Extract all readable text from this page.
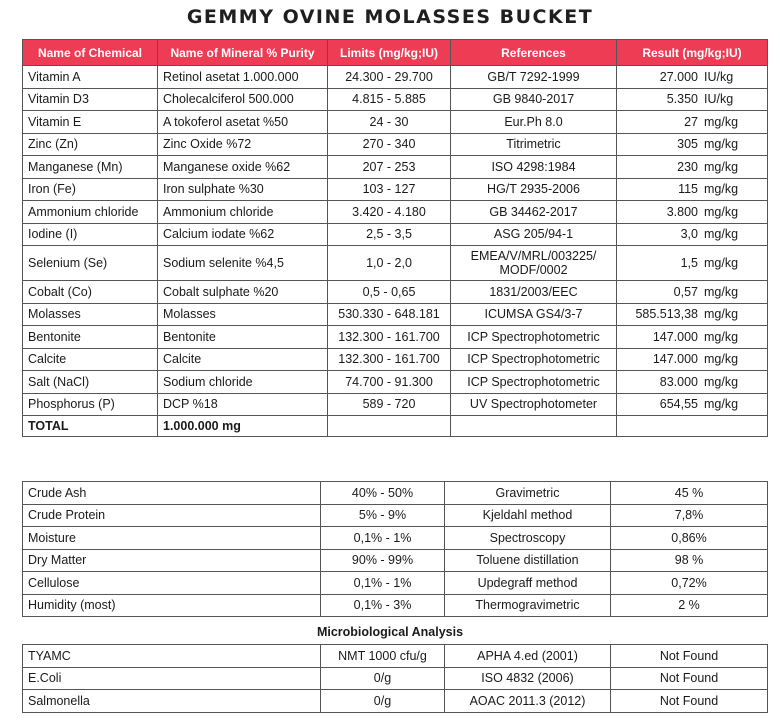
GEMMY OVINE MOLASSES BUCKET
Name of Chemical	Name of Mineral % Purity	Limits (mg/kg;IU)	References	Result (mg/kg;IU)
Vitamin A	Retinol asetat 1.000.000	24.300 - 29.700	GB/T 7292-1999	27.000 IU/kg

Vitamin D3	Cholecalciferol 500.000	4.815 - 5.885	GB 9840-2017	5.350 IU/kg

Vitamin E	A tokoferol asetat %50	24 - 30	Eur.Ph 8.0	27 mg/kg

Zinc (Zn)	Zinc Oxide %72	270 - 340	Titrimetric	305 mg/kg

Manganese (Mn)	Manganese oxide %62	207 - 253	ISO 4298:1984	230 mg/kg

Iron (Fe)	Iron sulphate %30	103 - 127	HG/T 2935-2006	115 mg/kg

Ammonium chloride	Ammonium chloride	3.420 - 4.180	GB 34462-2017	3.800 mg/kg

Iodine (I)	Calcium iodate %62	2,5 - 3,5	ASG 205/94-1	3,0 mg/kg

Selenium (Se)	Sodium selenite %4,5	1,0 - 2,0	EMEA/V/MRL/003225/ MODF/0002	1,5 mg/kg

Cobalt (Co)	Cobalt sulphate %20	0,5 - 0,65	1831/2003/EEC	0,57 mg/kg

Molasses	Molasses	530.330 - 648.181	ICUMSA GS4/3-7	585.513,38 mg/kg

Bentonite	Bentonite	132.300 - 161.700	ICP Spectrophotometric	147.000 mg/kg

Calcite	Calcite	132.300 - 161.700	ICP Spectrophotometric	147.000 mg/kg

Salt (NaCl)	Sodium chloride	74.700 - 91.300	ICP Spectrophotometric	83.000 mg/kg

Phosphorus (P)	DCP %18	589 - 720	UV Spectrophotometer	654,55 mg/kg

TOTAL	1.000.000 mg			
Crude Ash	40% - 50%	Gravimetric	45 %
Crude Protein	5% - 9%	Kjeldahl method	7,8%
Moisture	0,1% - 1%	Spectroscopy	0,86%
Dry Matter	90% - 99%	Toluene distillation	98 %
Cellulose	0,1% - 1%	Updegraff method	0,72%
Humidity (most)	0,1% - 3%	Thermogravimetric	2 %
Microbiological Analysis
TYAMC	NMT 1000 cfu/g	APHA 4.ed (2001)	Not Found
E.Coli	0/g	ISO 4832 (2006)	Not Found
Salmonella	0/g	AOAC 2011.3 (2012)	Not Found
